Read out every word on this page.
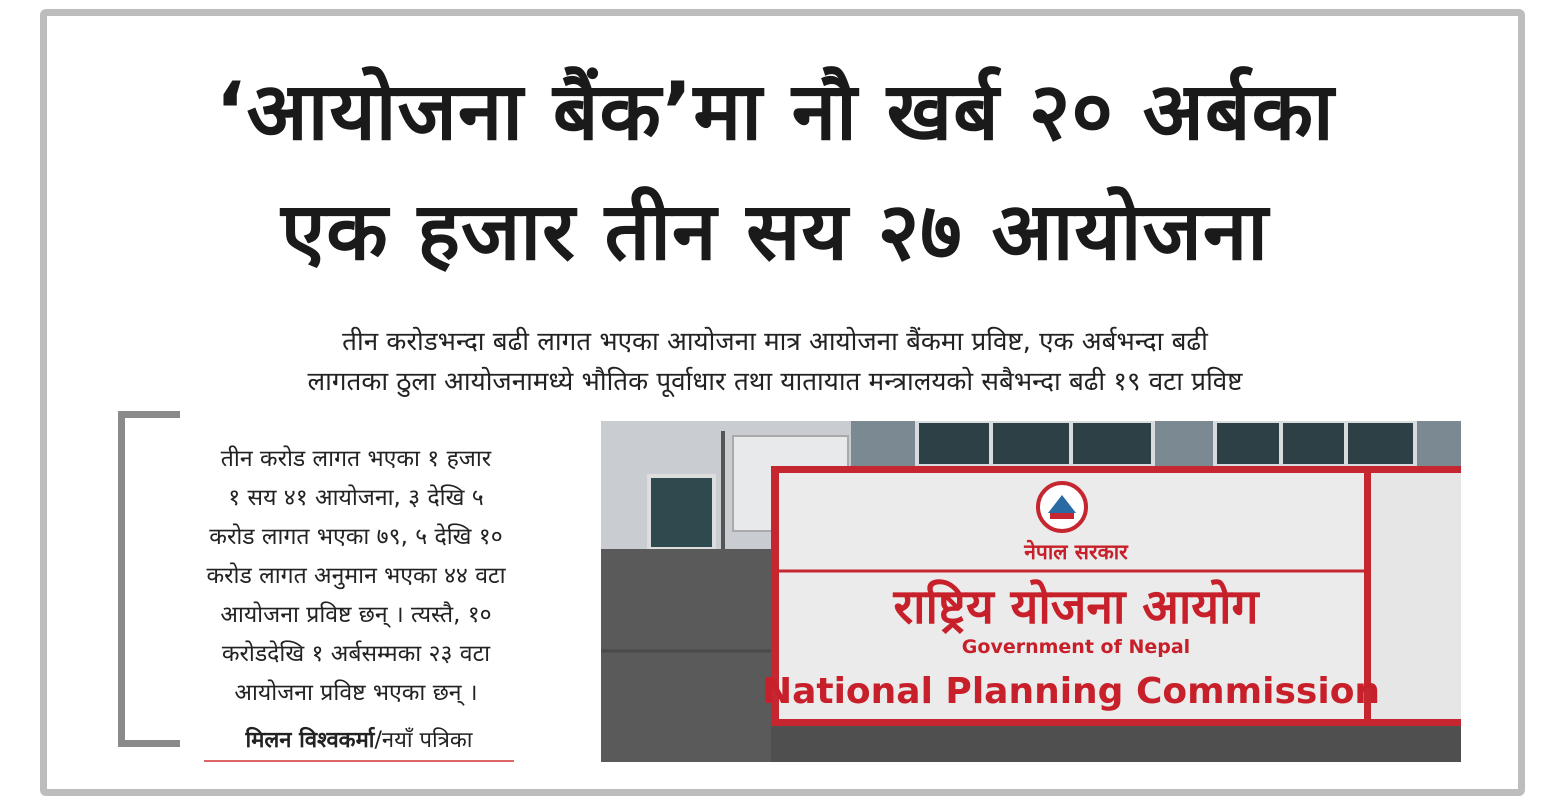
‘आयोजना बैंक’मा नौ खर्ब २० अर्बका
एक हजार तीन सय २७ आयोजना
तीन करोडभन्दा बढी लागत भएका आयोजना मात्र आयोजना बैंकमा प्रविष्ट, एक अर्बभन्दा बढी
लागतका ठुला आयोजनामध्ये भौतिक पूर्वाधार तथा यातायात मन्त्रालयको सबैभन्दा बढी १९ वटा प्रविष्ट
तीन करोड लागत भएका १ हजार
१ सय ४१ आयोजना, ३ देखि ५
करोड लागत भएका ७९, ५ देखि १०
करोड लागत अनुमान भएका ४४ वटा
आयोजना प्रविष्ट छन् । त्यस्तै, १०
करोडदेखि १ अर्बसम्मका २३ वटा
आयोजना प्रविष्ट भएका छन् ।
मिलन विश्वकर्मा/नयाँ पत्रिका
नेपाल सरकार
राष्ट्रिय योजना आयोग
Government of Nepal
National Planning Commission
